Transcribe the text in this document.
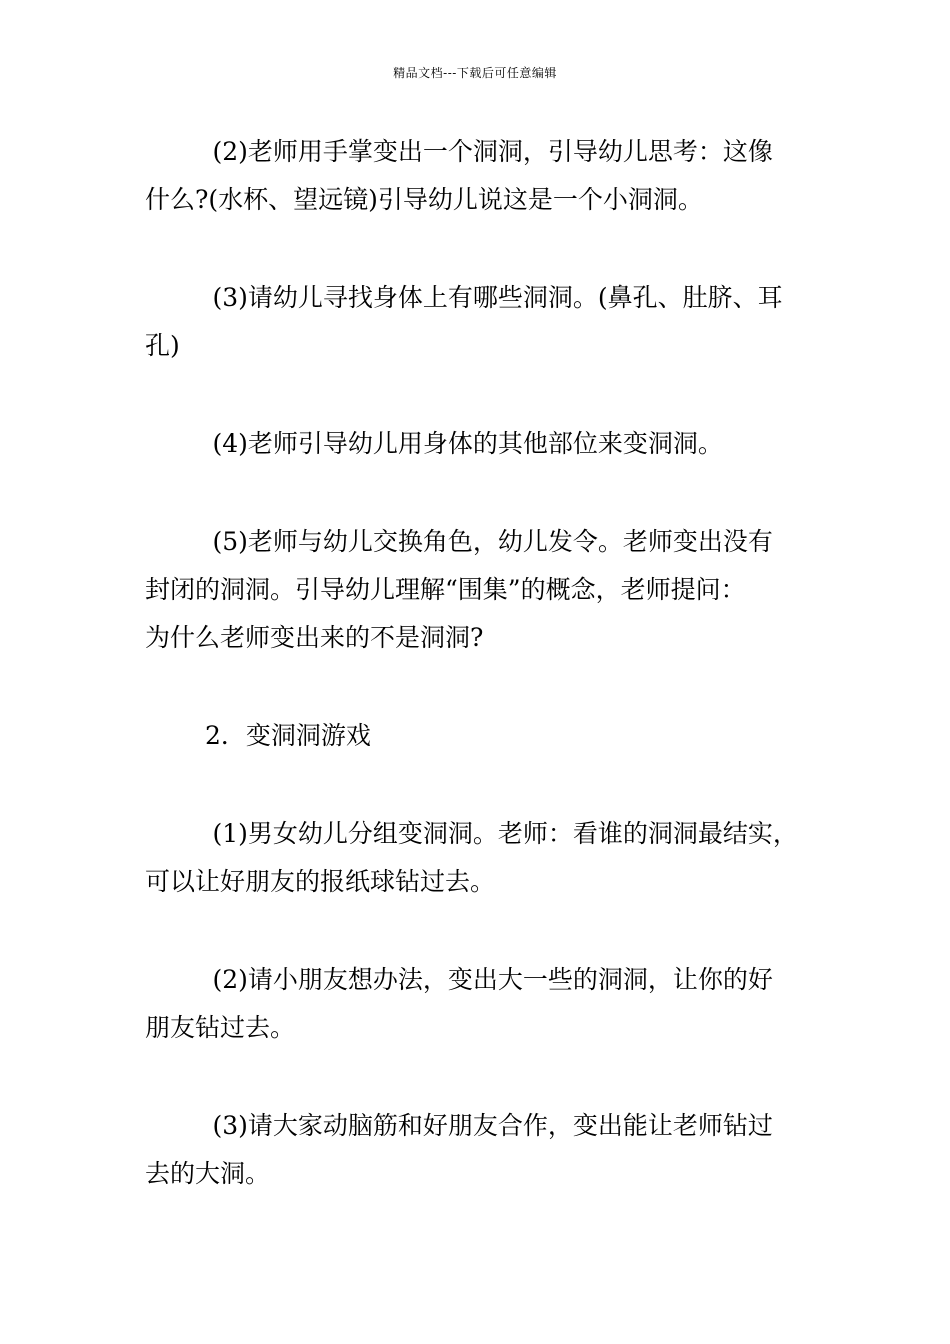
精品文档---下载后可任意编辑

(2)老师用手掌变出一个洞洞，引导幼儿思考：这像
什么?(水杯、望远镜)引导幼儿说这是一个小洞洞。

(3)请幼儿寻找身体上有哪些洞洞。(鼻孔、肚脐、耳
孔)

(4)老师引导幼儿用身体的其他部位来变洞洞。

(5)老师与幼儿交换角色，幼儿发令。老师变出没有
封闭的洞洞。引导幼儿理解“围集”的概念，老师提问：
为什么老师变出来的不是洞洞?

2．变洞洞游戏

(1)男女幼儿分组变洞洞。老师：看谁的洞洞最结实，
可以让好朋友的报纸球钻过去。

(2)请小朋友想办法，变出大一些的洞洞，让你的好
朋友钻过去。

(3)请大家动脑筋和好朋友合作，变出能让老师钻过
去的大洞。
